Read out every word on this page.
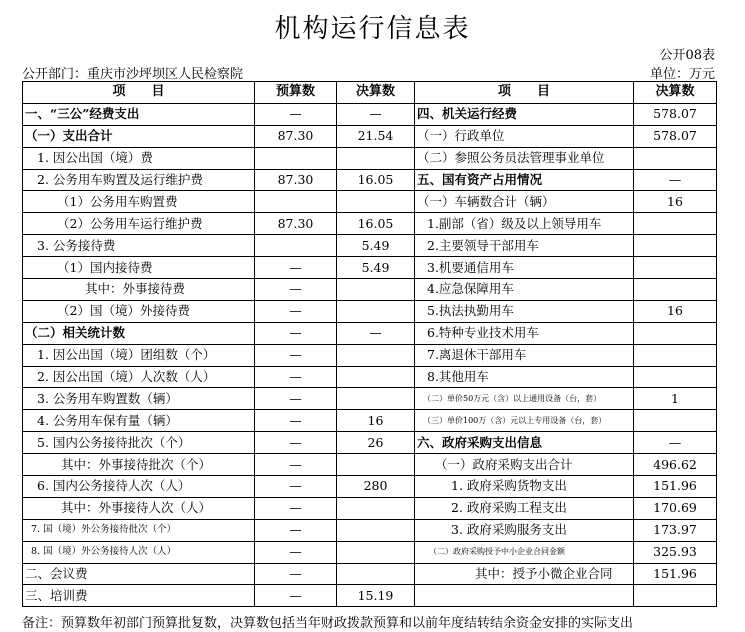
机构运行信息表
公开08表
公开部门：重庆市沙坪坝区人民检察院	单位：万元
项　　目	预算数	决算数	项　　目	决算数
一、“三公”经费支出	—	—	四、机关运行经费	578.07
（一）支出合计	87.30	21.54	（一）行政单位	578.07
1. 因公出国（境）费			（二）参照公务员法管理事业单位	
2. 公务用车购置及运行维护费	87.30	16.05	五、国有资产占用情况	—
（1）公务用车购置费			（一）车辆数合计（辆）	16
（2）公务用车运行维护费	87.30	16.05	1.副部（省）级及以上领导用车	
3. 公务接待费		5.49	2.主要领导干部用车	
（1）国内接待费	—	5.49	3.机要通信用车	
其中：外事接待费	—		4.应急保障用车	
（2）国（境）外接待费	—		5.执法执勤用车	16
（二）相关统计数	—	—	6.特种专业技术用车	
1. 因公出国（境）团组数（个）	—		7.离退休干部用车	
2. 因公出国（境）人次数（人）	—		8.其他用车	
3. 公务用车购置数（辆）	—		（二）单价50万元（含）以上通用设备（台，套）	1
4. 公务用车保有量（辆）	—	16	（三）单价100万（含）元以上专用设备（台，套）	
5. 国内公务接待批次（个）	—	26	六、政府采购支出信息	—
其中：外事接待批次（个）	—		（一）政府采购支出合计	496.62
6. 国内公务接待人次（人）	—	280	1. 政府采购货物支出	151.96
其中：外事接待人次（人）	—		2. 政府采购工程支出	170.69
7. 国（境）外公务接待批次（个）	—		3. 政府采购服务支出	173.97
8. 国（境）外公务接待人次（人）	—		（二）政府采购授予中小企业合同金额	325.93
二、会议费	—		其中：授予小微企业合同	151.96
三、培训费	—	15.19		
备注：预算数年初部门预算批复数，决算数包括当年财政拨款预算和以前年度结转结余资金安排的实际支出
